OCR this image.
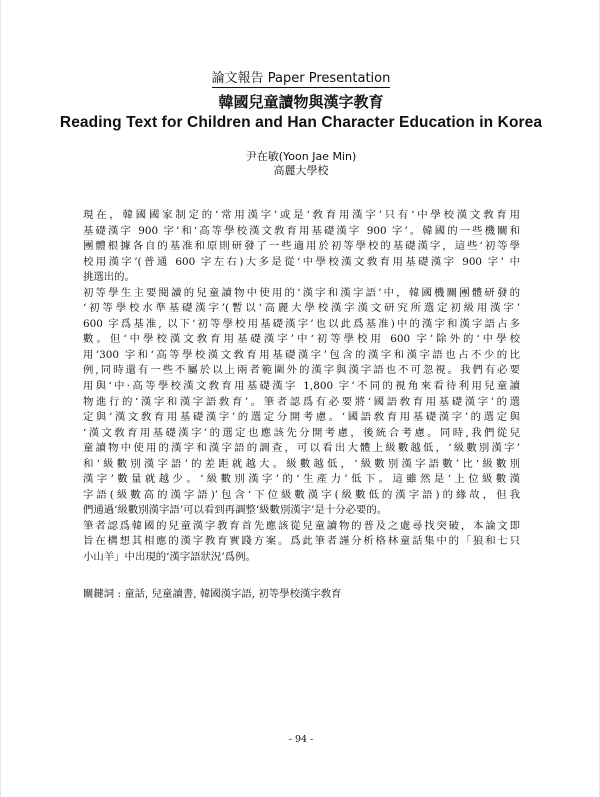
論文報告 Paper Presentation
韓國兒童讀物與漢字教育
Reading Text for Children and Han Character Education in Korea
尹在敏(Yoon Jae Min)
高麗大學校
現在，韓國國家制定的‘常用漢字’或是‘敎育用漢字’只有‘中學校漢文敎育用
基礎漢字 900 字’和‘高等學校漢文敎育用基礎漢字 900 字’。韓國的一些機關和
團體根據各自的基准和原則研發了一些適用於初等學校的基礎漢字，這些‘初等學
校用漢字’(普通 600 字左右)大多是從‘中學校漢文敎育用基礎漢字 900 字’ 中
挑選出的。
初等學生主要閱讀的兒童讀物中使用的‘漢字和漢字語’中，韓國機關團體研發的
‘初等學校水準基礎漢字’(暫以‘高麗大學校漢字漢文研究所選定初級用漢字’
600 字爲基准, 以下‘初等學校用基礎漢字’也以此爲基准)中的漢字和漢字語占多
數。但‘中學校漢文敎育用基礎漢字’中‘初等學校用 600 字’除外的‘中學校
用’300 字和‘高等學校漢文敎育用基礎漢字’包含的漢字和漢字語也占不少的比
例,同時還有一些不屬於以上兩者範圍外的漢字與漢字語也不可忽視。我們有必要
用與‘中·高等學校漢文敎育用基礎漢字 1,800 字’不同的視角來看待利用兒童讀
物進行的‘漢字和漢字語敎育’。筆者認爲有必要將‘國語敎育用基礎漢字’的選
定與‘漢文敎育用基礎漢字’的選定分開考慮。‘國語敎育用基礎漢字’的選定與
‘漢文敎育用基礎漢字’的選定也應該先分開考慮，後統合考慮。同時,我們從兒
童讀物中使用的漢字和漢字語的調查，可以看出大體上級數越低，‘級數別漢字’
和‘級數別漢字語’的差距就越大。級數越低，‘級數別漢字語數’比‘級數別
漢字’數量就越少。‘級數別漢字’的‘生產力’低下。這雖然是‘上位級數漢
字語(級數高的漢字語)’包含‘下位級數漢字(級數低的漢字語)的緣故，但我
們通過‘級數別漢字語’可以看到再調整‘級數別漢字’是十分必要的。
筆者認爲韓國的兒童漢字教育首先應該從兒童讀物的普及之處尋找突破，本論文即
旨在構想其相應的漢字教育實踐方案。爲此筆者謹分析格林童話集中的「狼和七只
小山羊」中出現的‘漢字語狀況’爲例。
關鍵詞 : 童話, 兒童讀書, 韓國漢字語, 初等學校漢字敎育
- 94 -
